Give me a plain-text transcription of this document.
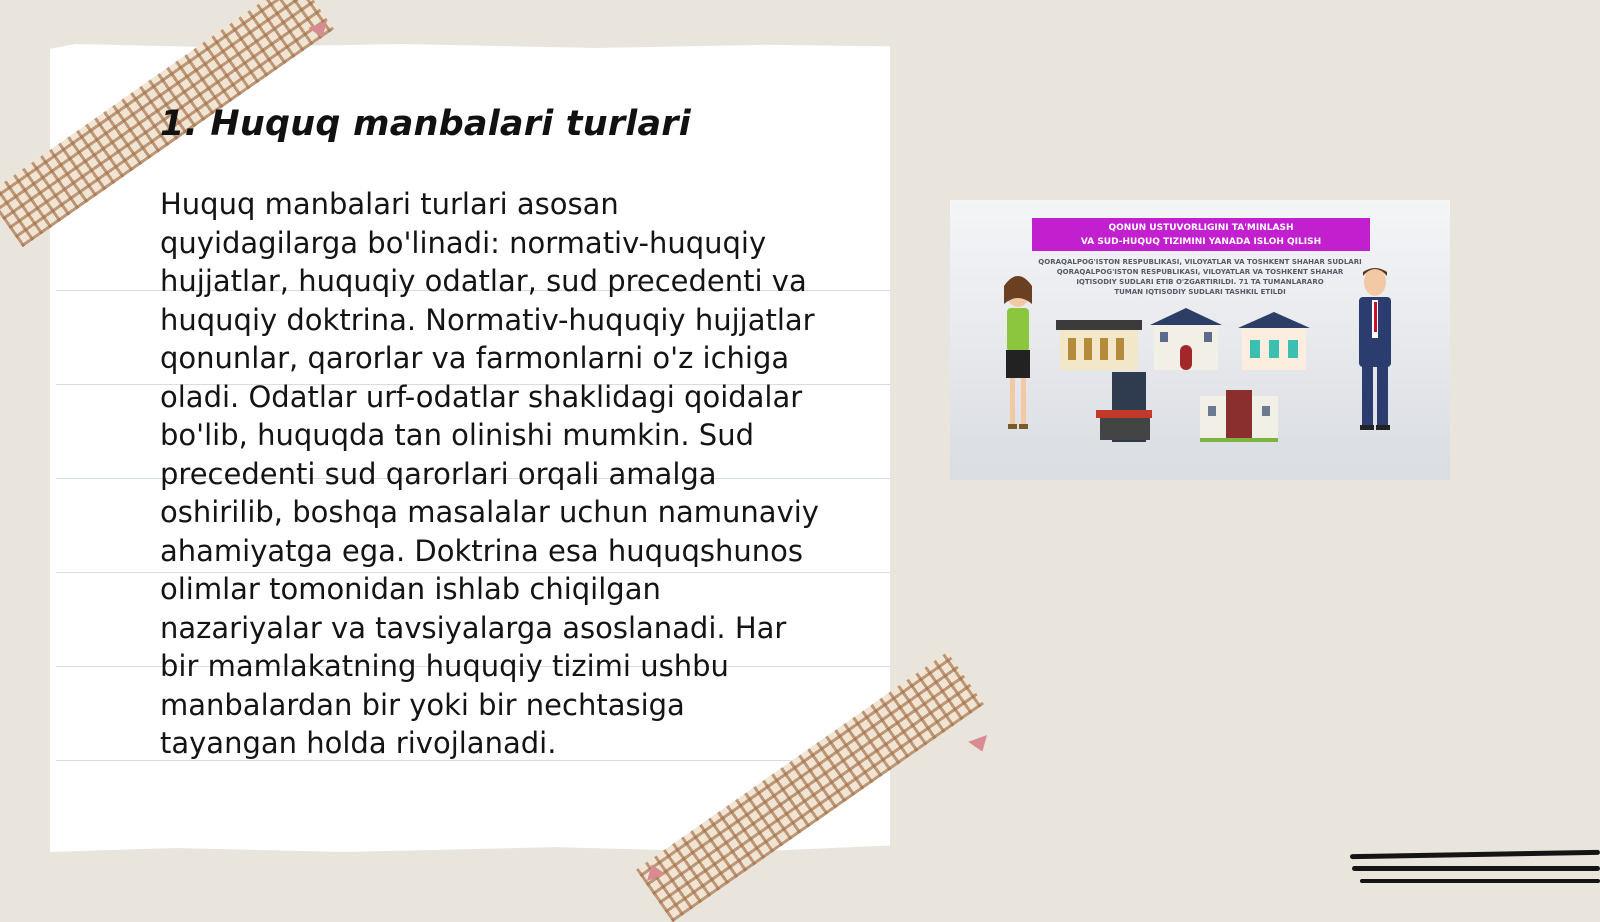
1. Huquq manbalari turlari

Huquq manbalari turlari asosan quyidagilarga bo'linadi: normativ-huquqiy hujjatlar, huquqiy odatlar, sud precedenti va huquqiy doktrina. Normativ-huquqiy hujjatlar qonunlar, qarorlar va farmonlarni o'z ichiga oladi. Odatlar urf-odatlar shaklidagi qoidalar bo'lib, huquqda tan olinishi mumkin. Sud precedenti sud qarorlari orqali amalga oshirilib, boshqa masalalar uchun namunaviy ahamiyatga ega. Doktrina esa huquqshunos olimlar tomonidan ishlab chiqilgan nazariyalar va tavsiyalarga asoslanadi. Har bir mamlakatning huquqiy tizimi ushbu manbalardan bir yoki bir nechtasiga tayangan holda rivojlanadi.

QONUN USTUVORLIGINI TA'MINLASH
VA SUD-HUQUQ TIZIMINI YANADA ISLOH QILISH
QORAQALPOG'ISTON RESPUBLIKASI, VILOYATLAR VA TOSHKENT SHAHAR SUDLARI
QORAQALPOG'ISTON RESPUBLIKASI, VILOYATLAR VA TOSHKENT SHAHAR
IQTISODIY SUDLARI ETIB O'ZGARTIRILDI. 71 TA TUMANLARARO
TUMAN IQTISODIY SUDLARI TASHKIL ETILDI
